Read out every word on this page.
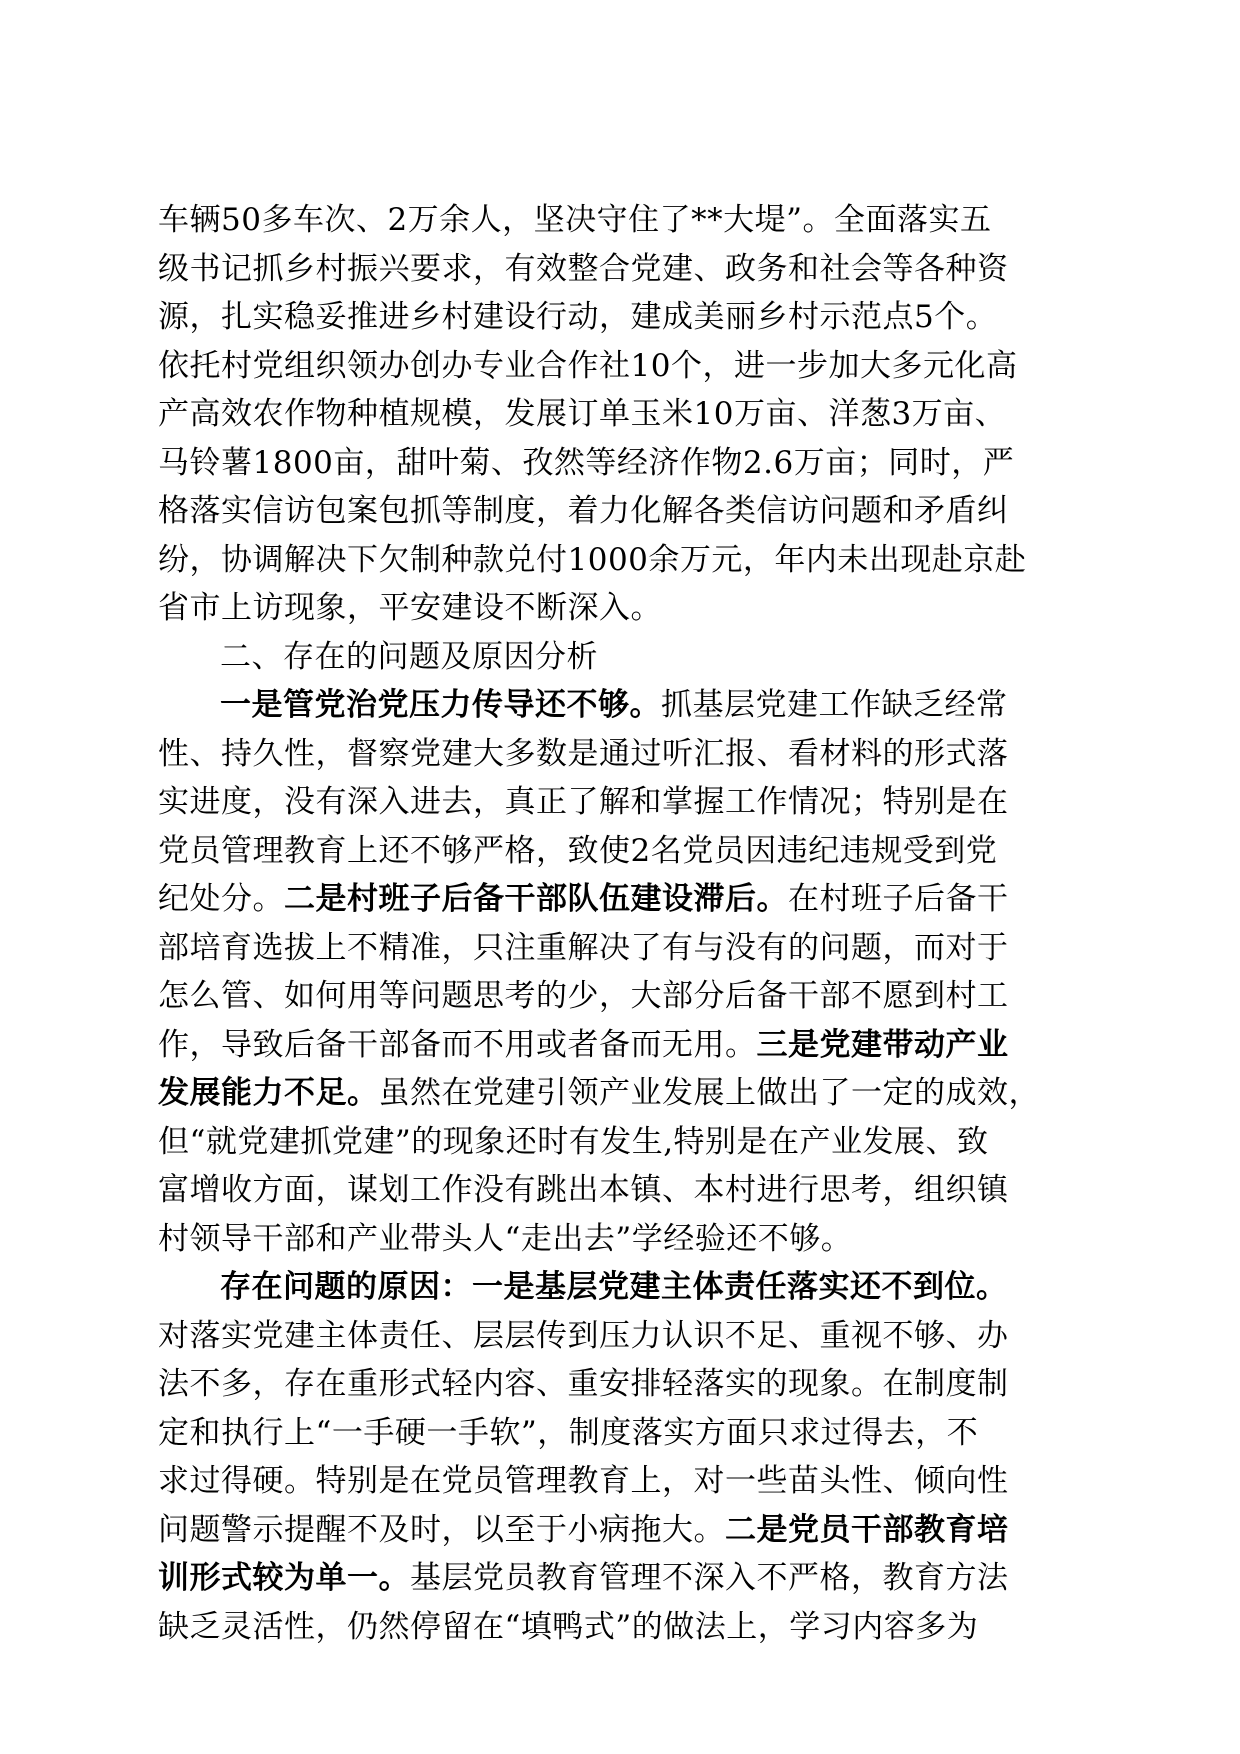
车辆50多车次、2万余人，坚决守住了**大堤”。全面落实五
级书记抓乡村振兴要求，有效整合党建、政务和社会等各种资
源，扎实稳妥推进乡村建设行动，建成美丽乡村示范点5个。
依托村党组织领办创办专业合作社10个，进一步加大多元化高
产高效农作物种植规模，发展订单玉米10万亩、洋葱3万亩、
马铃薯1800亩，甜叶菊、孜然等经济作物2.6万亩；同时，严
格落实信访包案包抓等制度，着力化解各类信访问题和矛盾纠
纷，协调解决下欠制种款兑付1000余万元，年内未出现赴京赴
省市上访现象，平安建设不断深入。

二、存在的问题及原因分析

一是管党治党压力传导还不够。抓基层党建工作缺乏经常
性、持久性，督察党建大多数是通过听汇报、看材料的形式落
实进度，没有深入进去，真正了解和掌握工作情况；特别是在
党员管理教育上还不够严格，致使2名党员因违纪违规受到党
纪处分。二是村班子后备干部队伍建设滞后。在村班子后备干
部培育选拔上不精准，只注重解决了有与没有的问题，而对于
怎么管、如何用等问题思考的少，大部分后备干部不愿到村工
作，导致后备干部备而不用或者备而无用。三是党建带动产业
发展能力不足。虽然在党建引领产业发展上做出了一定的成效，
但“就党建抓党建”的现象还时有发生,特别是在产业发展、致
富增收方面，谋划工作没有跳出本镇、本村进行思考，组织镇
村领导干部和产业带头人“走出去”学经验还不够。

存在问题的原因：一是基层党建主体责任落实还不到位。
对落实党建主体责任、层层传到压力认识不足、重视不够、办
法不多，存在重形式轻内容、重安排轻落实的现象。在制度制
定和执行上“一手硬一手软”，制度落实方面只求过得去，不
求过得硬。特别是在党员管理教育上，对一些苗头性、倾向性
问题警示提醒不及时，以至于小病拖大。二是党员干部教育培
训形式较为单一。基层党员教育管理不深入不严格，教育方法
缺乏灵活性，仍然停留在“填鸭式”的做法上，学习内容多为
